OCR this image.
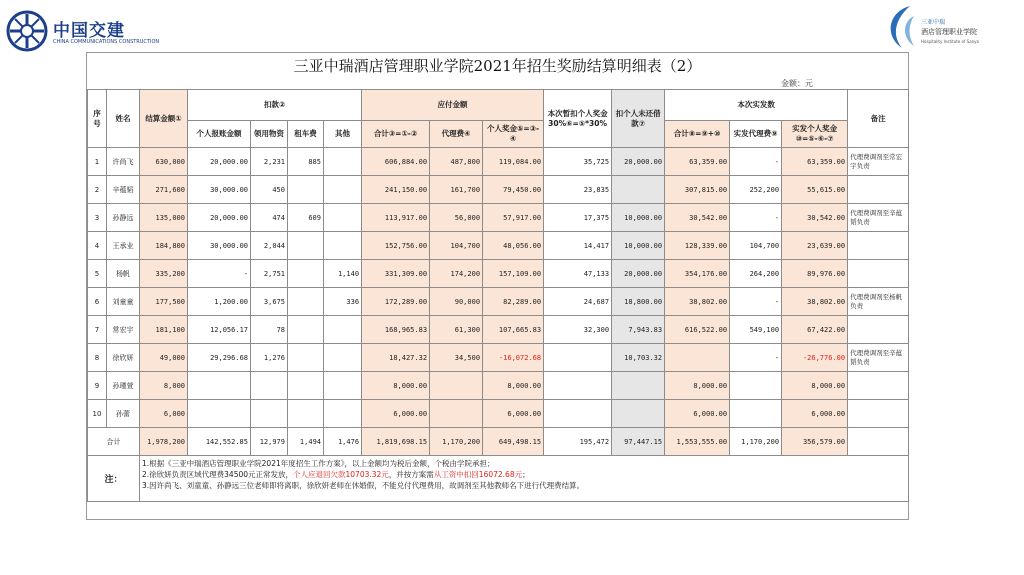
中国交建
CHINA COMMUNICATIONS CONSTRUCTION
三亚中瑞
酒店管理职业学院
Hospitality Institute of Sanya
三亚中瑞酒店管理职业学院2021年招生奖励结算明细表（2）
金额：元
序号	姓名	结算金额①	扣款②				应付金额			本次暂扣个人奖金30%⑥=⑤*30%	扣个人未还借款⑦	本次实发数			备注
			个人报账金额	领用物资	租车费	其他	合计③=①-②	代理费④	个人奖金⑤=③-④			合计⑧=⑨+⑩	实发代理费⑨	实发个人奖金⑩=⑤-⑥-⑦	

1	许尚飞	630,000	20,000.00	2,231	885		606,884.00	487,800	119,084.00	35,725	20,000.00	63,359.00	-	63,359.00	代理费调剂至常宏宇负责
2	辛蕴韬	271,600	30,000.00	450			241,150.00	161,700	79,450.00	23,835		307,815.00	252,200	55,615.00	
3	孙静远	135,000	20,000.00	474	609		113,917.00	56,000	57,917.00	17,375	10,000.00	30,542.00	-	30,542.00	代理费调剂至辛蕴韬负责
4	王承业	184,800	30,000.00	2,044			152,756.00	104,700	48,056.00	14,417	10,000.00	128,339.00	104,700	23,639.00	
5	杨帆	335,200	-	2,751		1,140	331,309.00	174,200	157,109.00	47,133	20,000.00	354,176.00	264,200	89,976.00	
6	刘童童	177,500	1,200.00	3,675		336	172,289.00	90,000	82,289.00	24,687	18,800.00	38,802.00	-	38,802.00	代理费调剂至杨帆负责
7	常宏宇	181,100	12,056.17	78			168,965.83	61,300	107,665.83	32,300	7,943.83	616,522.00	549,100	67,422.00	
8	徐欣妍	49,000	29,296.68	1,276			18,427.32	34,500	-16,072.68		10,703.32		-	-26,776.00	代理费调剂至辛蕴韬负责
9	孙瑾萱	8,000					8,000.00		8,000.00			8,000.00		8,000.00	
10	孙蕾	6,000					6,000.00		6,000.00			6,000.00		6,000.00	
合计		1,978,200	142,552.85	12,979	1,494	1,476	1,819,698.15	1,170,200	649,498.15	195,472	97,447.15	1,553,555.00	1,170,200	356,579.00	
注：		1.根据《三亚中瑞酒店管理职业学院2021年度招生工作方案》，以上金额均为税后金额，个税由学院承担；
2.徐欣妍负责区域代理费34500元正常发放，个人应退回欠款10703.32元，并按方案需从工资中扣回16072.68元；
3.因许尚飞、刘童童、孙静远三位老师即将离职，徐欣妍老师在休婚假，不能兑付代理费用，故调剂至其他教师名下进行代理费结算。													
